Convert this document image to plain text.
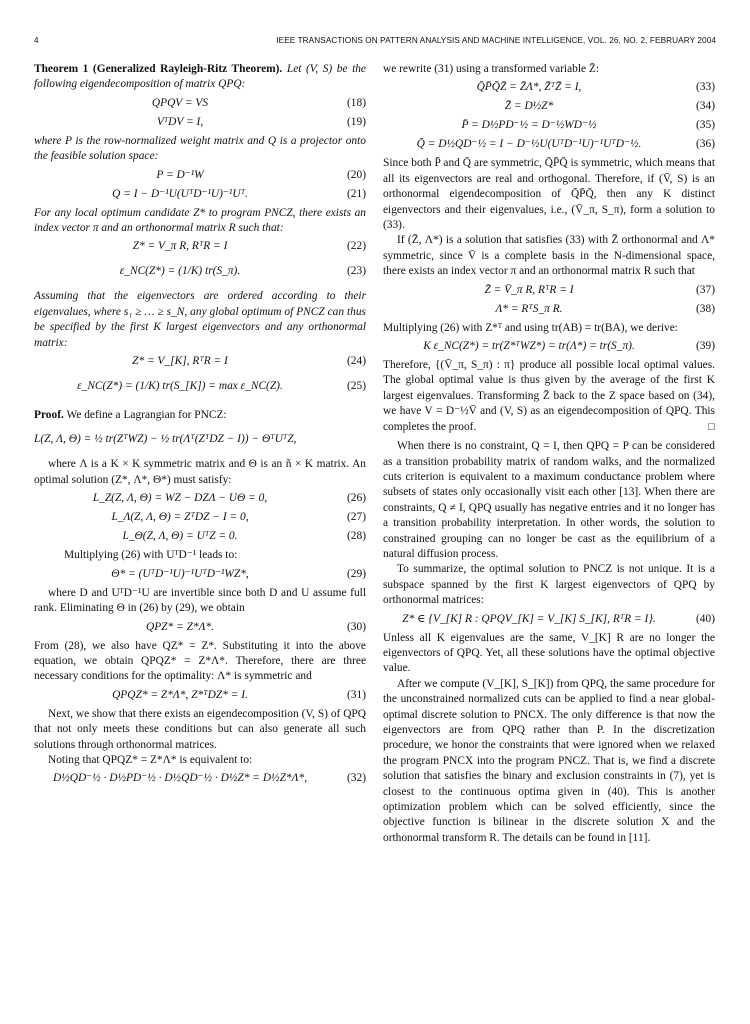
4	IEEE TRANSACTIONS ON PATTERN ANALYSIS AND MACHINE INTELLIGENCE, VOL. 26, NO. 2, FEBRUARY 2004

Theorem 1 (Generalized Rayleigh-Ritz Theorem). Let (V, S) be the following eigendecomposition of matrix QPQ:

QPQV = VS	(18)
VᵀDV = I,	(19)

where P is the row-normalized weight matrix and Q is a projector onto the feasible solution space:

P = D⁻¹W	(20)
Q = I − D⁻¹U(UᵀD⁻¹U)⁻¹Uᵀ.	(21)

For any local optimum candidate Z* to program PNCZ, there exists an index vector π and an orthonormal matrix R such that:

Z* = V_π R, RᵀR = I	(22)
ε_NC(Z*) = (1/K) tr(S_π).	(23)

Assuming that the eigenvectors are ordered according to their eigenvalues, where s₁ ≥ … ≥ s_N, any global optimum of PNCZ can thus be specified by the first K largest eigenvectors and any orthonormal matrix:

Z* = V_[K], RᵀR = I	(24)
ε_NC(Z*) = (1/K) tr(S_[K]) = max ε_NC(Z).	(25)

Proof. We define a Lagrangian for PNCZ:

L(Z, Λ, Θ) = ½ tr(ZᵀWZ) − ½ tr(Λᵀ(ZᵀDZ − I)) − ΘᵀUᵀZ,

where Λ is a K × K symmetric matrix and Θ is an ñ × K matrix. An optimal solution (Z*, Λ*, Θ*) must satisfy:

L_Z(Z, Λ, Θ) = WZ − DZΛ − UΘ = 0,	(26)
L_Λ(Z, Λ, Θ) = ZᵀDZ − I = 0,	(27)
L_Θ(Z, Λ, Θ) = UᵀZ = 0.	(28)

Multiplying (26) with UᵀD⁻¹ leads to:

Θ* = (UᵀD⁻¹U)⁻¹UᵀD⁻¹WZ*,	(29)

where D and UᵀD⁻¹U are invertible since both D and U assume full rank. Eliminating Θ in (26) by (29), we obtain

QPZ* = Z*Λ*.	(30)

From (28), we also have QZ* = Z*. Substituting it into the above equation, we obtain QPQZ* = Z*Λ*. Therefore, there are three necessary conditions for the optimality: Λ* is symmetric and

QPQZ* = Z*Λ*, Z*ᵀDZ* = I.	(31)

Next, we show that there exists an eigendecomposition (V, S) of QPQ that not only meets these conditions but can also generate all such solutions through orthonormal matrices.

Noting that QPQZ* = Z*Λ* is equivalent to:

D½QD⁻½ · D½PD⁻½ · D½QD⁻½ · D½Z* = D½Z*Λ*,	(32)

we rewrite (31) using a transformed variable Z̄:

Q̄P̄Q̄Z̄ = Z̄Λ*, Z̄ᵀZ̄ = I,	(33)
Z̄ = D½Z*	(34)
P̄ = D½PD⁻½ = D⁻½WD⁻½	(35)
Q̄ = D½QD⁻½ = I − D⁻½U(UᵀD⁻¹U)⁻¹UᵀD⁻½.	(36)

Since both P̄ and Q̄ are symmetric, Q̄P̄Q̄ is symmetric, which means that all its eigenvectors are real and orthogonal. Therefore, if (V̄, S) is an orthonormal eigendecomposition of Q̄P̄Q̄, then any K distinct eigenvectors and their eigenvalues, i.e., (V̄_π, S_π), form a solution to (33).

If (Z̄, Λ*) is a solution that satisfies (33) with Z̄ orthonormal and Λ* symmetric, since V̄ is a complete basis in the N-dimensional space, there exists an index vector π and an orthonormal matrix R such that

Z̄ = V̄_π R, RᵀR = I	(37)
Λ* = RᵀS_π R.	(38)

Multiplying (26) with Z*ᵀ and using tr(AB) = tr(BA), we derive:

K ε_NC(Z*) = tr(Z*ᵀWZ*) = tr(Λ*) = tr(S_π).	(39)

Therefore, {(V̄_π, S_π) : π} produce all possible local optimal values. The global optimal value is thus given by the average of the first K largest eigenvalues. Transforming Z̄ back to the Z space based on (34), we have V = D⁻½V̄ and (V, S) as an eigendecomposition of QPQ. This completes the proof.	□

When there is no constraint, Q = I, then QPQ = P can be considered as a transition probability matrix of random walks, and the normalized cuts criterion is equivalent to a maximum conductance problem where subsets of states only occasionally visit each other [13]. When there are constraints, Q ≠ I, QPQ usually has negative entries and it no longer has a transition probability interpretation. In other words, the solution to constrained grouping can no longer be cast as the equilibrium of a natural diffusion process.

To summarize, the optimal solution to PNCZ is not unique. It is a subspace spanned by the first K largest eigenvectors of QPQ by orthonormal matrices:

Z* ∈ {V_[K] R : QPQV_[K] = V_[K] S_[K], RᵀR = I}.	(40)

Unless all K eigenvalues are the same, V_[K] R are no longer the eigenvectors of QPQ. Yet, all these solutions have the optimal objective value.

After we compute (V_[K], S_[K]) from QPQ, the same procedure for the unconstrained normalized cuts can be applied to find a near global-optimal discrete solution to PNCX. The only difference is that now the eigenvectors are from QPQ rather than P. In the discretization procedure, we honor the constraints that were ignored when we relaxed the program PNCX into the program PNCZ. That is, we find a discrete solution that satisfies the binary and exclusion constraints in (7), yet is closest to the continuous optima given in (40). This is another optimization problem which can be solved efficiently, since the objective function is bilinear in the discrete solution X and the orthonormal transform R. The details can be found in [11].
